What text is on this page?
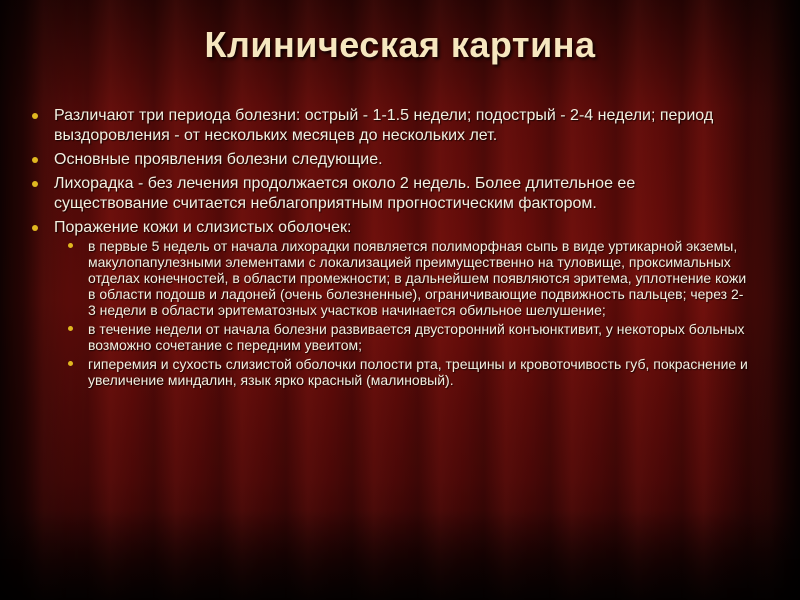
Клиническая картина
Различают три периода болезни: острый - 1-1.5 недели; подострый - 2-4 недели; период выздоровления - от нескольких месяцев до нескольких лет.
Основные проявления болезни следующие.
Лихорадка - без лечения продолжается около 2 недель. Более длительное ее существование считается неблагоприятным прогностическим фактором.
Поражение кожи и слизистых оболочек:
в первые 5 недель от начала лихорадки появляется полиморфная сыпь в виде уртикарной экземы, макулопапулезными элементами с локализацией преимущественно на туловище, проксимальных отделах конечностей, в области промежности; в дальнейшем появляются эритема, уплотнение кожи в области подошв и ладоней (очень болезненные), ограничивающие подвижность пальцев; через 2-3 недели в области эритематозных участков начинается обильное шелушение;
в течение недели от начала болезни развивается двусторонний конъюнктивит, у некоторых больных возможно сочетание с передним увеитом;
гиперемия и сухость слизистой оболочки полости рта, трещины и кровоточивость губ, покраснение и увеличение миндалин, язык ярко красный (малиновый).
